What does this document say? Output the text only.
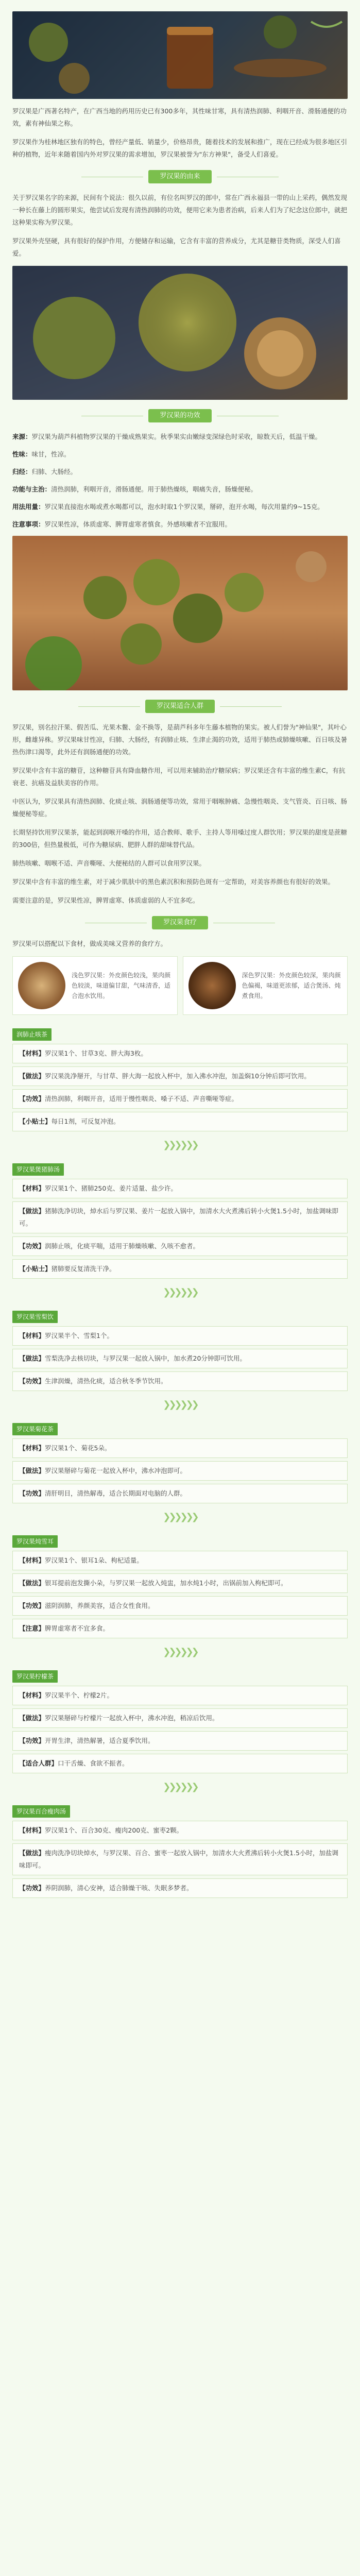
罗汉果是广西著名特产，在广西当地的药用历史已有300多年，其性味甘寒，具有清热润肺、利咽开音、滑肠通便的功效，素有神仙果之称。

罗汉果作为桂林地区独有的特色，曾经产量低、销量少，价格昂贵，随着技术的发展和推广，现在已经成为很多地区引种的植物，近年来随着国内外对罗汉果的需求增加，罗汉果被誉为"东方神果"，备受人们喜爱。

罗汉果的由来

关于罗汉果名字的来源，民间有个说法：很久以前，有位名叫罗汉的郎中，常在广西永福县一带的山上采药，偶然发现一种长在藤上的圆形果实，他尝试后发现有清热润肺的功效，便用它来为患者治病，后来人们为了纪念这位郎中，就把这种果实称为罗汉果。

罗汉果外壳坚硬，具有很好的保护作用，方便储存和运输，它含有丰富的营养成分，尤其是糖苷类物质，深受人们喜爱。

罗汉果的功效
来源：罗汉果为葫芦科植物罗汉果的干燥成熟果实。秋季果实由嫩绿变深绿色时采收，晾数天后，低温干燥。
性味：味甘，性凉。
归经：归肺、大肠经。
功能与主治：清热润肺，利咽开音，滑肠通便。用于肺热燥咳，咽痛失音，肠燥便秘。
用法用量：罗汉果直接泡水喝或煮水喝都可以，泡水时取1个罗汉果，掰碎，泡开水喝，每次用量约9~15克。
注意事项：罗汉果性凉，体质虚寒、脾胃虚寒者慎食。外感咳嗽者不宜服用。
罗汉果适合人群

罗汉果，别名拉汗果、假苦瓜、光果木鳖、金不换等，是葫芦科多年生藤本植物的果实。被人们誉为"神仙果"，其叶心形，雌雄异株。罗汉果味甘性凉，归肺、大肠经，有润肺止咳、生津止渴的功效，适用于肺热或肺燥咳嗽、百日咳及暑热伤津口渴等，此外还有润肠通便的功效。

罗汉果中含有丰富的糖苷，这种糖苷具有降血糖作用，可以用来辅助治疗糖尿病；罗汉果还含有丰富的维生素C，有抗衰老、抗癌及益肤美容的作用。

中医认为，罗汉果具有清热润肺、化痰止咳、润肠通便等功效，常用于咽喉肿痛、急慢性咽炎、支气管炎、百日咳、肠燥便秘等症。

长期坚持饮用罗汉果茶，能起到润喉开嗓的作用，适合教师、歌手、主持人等用嗓过度人群饮用；罗汉果的甜度是蔗糖的300倍，但热量极低，可作为糖尿病、肥胖人群的甜味替代品。

肺热咳嗽、咽喉不适、声音嘶哑、大便秘结的人群可以食用罗汉果。

罗汉果中含有丰富的维生素，对于减少肌肤中的黑色素沉积和预防色斑有一定帮助，对美容养颜也有很好的效果。

需要注意的是，罗汉果性凉，脾胃虚寒、体质虚弱的人不宜多吃。

罗汉果食疗

罗汉果可以搭配以下食材，做成美味又营养的食疗方。

浅色罗汉果：外皮颜色较浅，果肉颜色较淡，味道偏甘甜，气味清香，适合泡水饮用。
深色罗汉果：外皮颜色较深，果肉颜色偏褐，味道更浓郁，适合煲汤、炖煮食用。
润肺止咳茶
【材料】罗汉果1个、甘草3克、胖大海3枚。
【做法】罗汉果洗净掰开，与甘草、胖大海一起放入杯中，加入沸水冲泡，加盖焖10分钟后即可饮用。
【功效】清热润肺，利咽开音，适用于慢性咽炎、嗓子不适、声音嘶哑等症。
【小贴士】每日1剂，可反复冲泡。
❯❯❯❯❯❯
罗汉果煲猪肺汤
【材料】罗汉果1个、猪肺250克、姜片适量、盐少许。
【做法】猪肺洗净切块，焯水后与罗汉果、姜片一起放入锅中，加清水大火煮沸后转小火煲1.5小时，加盐调味即可。
【功效】润肺止咳，化痰平喘，适用于肺燥咳嗽、久咳不愈者。
【小贴士】猪肺要反复清洗干净。
❯❯❯❯❯❯
罗汉果雪梨饮
【材料】罗汉果半个、雪梨1个。
【做法】雪梨洗净去核切块，与罗汉果一起放入锅中，加水煮20分钟即可饮用。
【功效】生津润燥，清热化痰，适合秋冬季节饮用。
❯❯❯❯❯❯
罗汉果菊花茶
【材料】罗汉果1个、菊花5朵。
【做法】罗汉果掰碎与菊花一起放入杯中，沸水冲泡即可。
【功效】清肝明目，清热解毒，适合长期面对电脑的人群。
❯❯❯❯❯❯
罗汉果炖雪耳
【材料】罗汉果1个、银耳1朵、枸杞适量。
【做法】银耳提前泡发撕小朵，与罗汉果一起放入炖盅，加水炖1小时，出锅前加入枸杞即可。
【功效】滋阴润肺，养颜美容，适合女性食用。
【注意】脾胃虚寒者不宜多食。
❯❯❯❯❯❯
罗汉果柠檬茶
【材料】罗汉果半个、柠檬2片。
【做法】罗汉果掰碎与柠檬片一起放入杯中，沸水冲泡，稍凉后饮用。
【功效】开胃生津，清热解暑，适合夏季饮用。
【适合人群】口干舌燥、食欲不振者。
❯❯❯❯❯❯
罗汉果百合瘦肉汤
【材料】罗汉果1个、百合30克、瘦肉200克、蜜枣2颗。
【做法】瘦肉洗净切块焯水，与罗汉果、百合、蜜枣一起放入锅中，加清水大火煮沸后转小火煲1.5小时，加盐调味即可。
【功效】养阴润肺，清心安神，适合肺燥干咳、失眠多梦者。
